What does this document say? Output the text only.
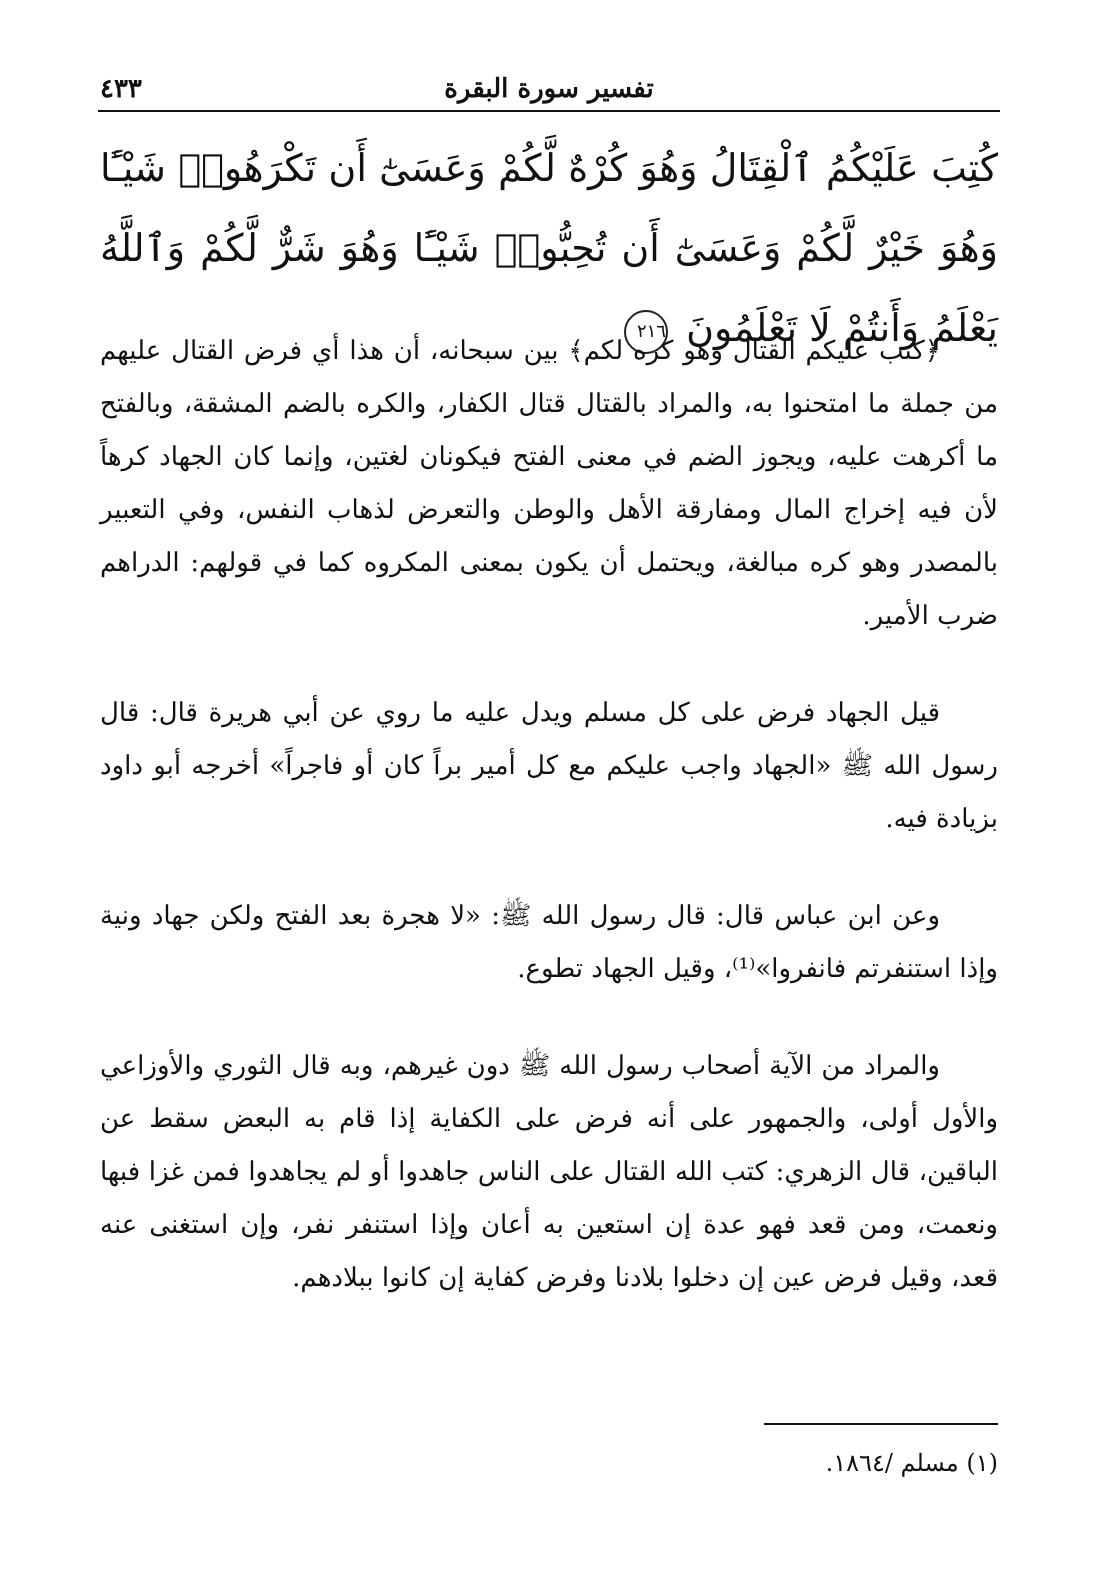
٤٣٣	تفسير سورة البقرة
كُتِبَ عَلَيْكُمُ ٱلْقِتَالُ وَهُوَ كُرْهٌ لَّكُمْ وَعَسَىٰٓ أَن تَكْرَهُوا۟ شَيْـًٔا وَهُوَ خَيْرٌ لَّكُمْ وَعَسَىٰٓ أَن تُحِبُّوا۟ شَيْـًٔا وَهُوَ شَرٌّ لَّكُمْ وَٱللَّهُ يَعْلَمُ وَأَنتُمْ لَا تَعْلَمُونَ ٢١٦

﴿كتب عليكم القتال وهو كره لكم﴾ بين سبحانه، أن هذا أي فرض القتال عليهم من جملة ما امتحنوا به، والمراد بالقتال قتال الكفار، والكره بالضم المشقة، وبالفتح ما أكرهت عليه، ويجوز الضم في معنى الفتح فيكونان لغتين، وإنما كان الجهاد كرهاً لأن فيه إخراج المال ومفارقة الأهل والوطن والتعرض لذهاب النفس، وفي التعبير بالمصدر وهو كره مبالغة، ويحتمل أن يكون بمعنى المكروه كما في قولهم: الدراهم ضرب الأمير.

قيل الجهاد فرض على كل مسلم ويدل عليه ما روي عن أبي هريرة قال: قال رسول الله ﷺ «الجهاد واجب عليكم مع كل أمير براً كان أو فاجراً» أخرجه أبو داود بزيادة فيه.

وعن ابن عباس قال: قال رسول الله ﷺ: «لا هجرة بعد الفتح ولكن جهاد ونية وإذا استنفرتم فانفروا»⁽¹⁾، وقيل الجهاد تطوع.

والمراد من الآية أصحاب رسول الله ﷺ دون غيرهم، وبه قال الثوري والأوزاعي والأول أولى، والجمهور على أنه فرض على الكفاية إذا قام به البعض سقط عن الباقين، قال الزهري: كتب الله القتال على الناس جاهدوا أو لم يجاهدوا فمن غزا فبها ونعمت، ومن قعد فهو عدة إن استعين به أعان وإذا استنفر نفر، وإن استغنى عنه قعد، وقيل فرض عين إن دخلوا بلادنا وفرض كفاية إن كانوا ببلادهم.

(١) مسلم /١٨٦٤.
